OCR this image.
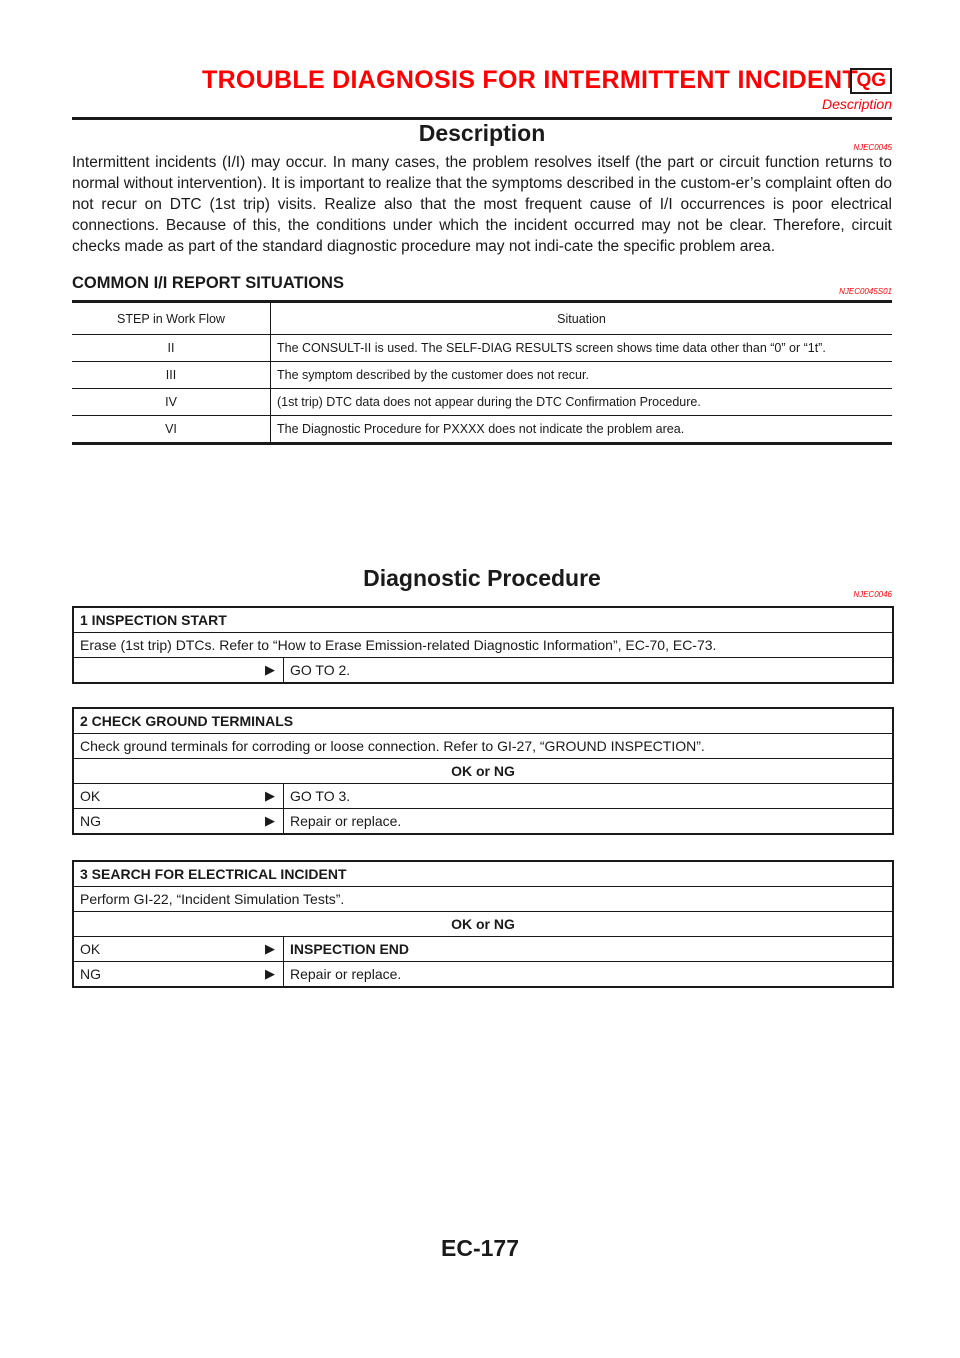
TROUBLE DIAGNOSIS FOR INTERMITTENT INCIDENT
QG
Description
Description
NJEC0045
Intermittent incidents (I/I) may occur. In many cases, the problem resolves itself (the part or circuit function returns to normal without intervention). It is important to realize that the symptoms described in the custom-er’s complaint often do not recur on DTC (1st trip) visits. Realize also that the most frequent cause of I/I occurrences is poor electrical connections. Because of this, the conditions under which the incident occurred may not be clear. Therefore, circuit checks made as part of the standard diagnostic procedure may not indi-cate the specific problem area.
COMMON I/I REPORT SITUATIONS	NJEC0045S01
STEP in Work Flow	Situation
II	The CONSULT-II is used. The SELF-DIAG RESULTS screen shows time data other than “0” or “1t”.
III	The symptom described by the customer does not recur.
IV	(1st trip) DTC data does not appear during the DTC Confirmation Procedure.
VI	The Diagnostic Procedure for PXXXX does not indicate the problem area.
Diagnostic Procedure
NJEC0046
1 INSPECTION START
Erase (1st trip) DTCs. Refer to “How to Erase Emission-related Diagnostic Information”, EC-70, EC-73.
▶	GO TO 2.
2 CHECK GROUND TERMINALS
Check ground terminals for corroding or loose connection. Refer to GI-27, “GROUND INSPECTION”.
OK or NG
OK	▶	GO TO 3.
NG	▶	Repair or replace.
3 SEARCH FOR ELECTRICAL INCIDENT
Perform GI-22, “Incident Simulation Tests”.
OK or NG
OK	▶	INSPECTION END
NG	▶	Repair or replace.
EC-177
